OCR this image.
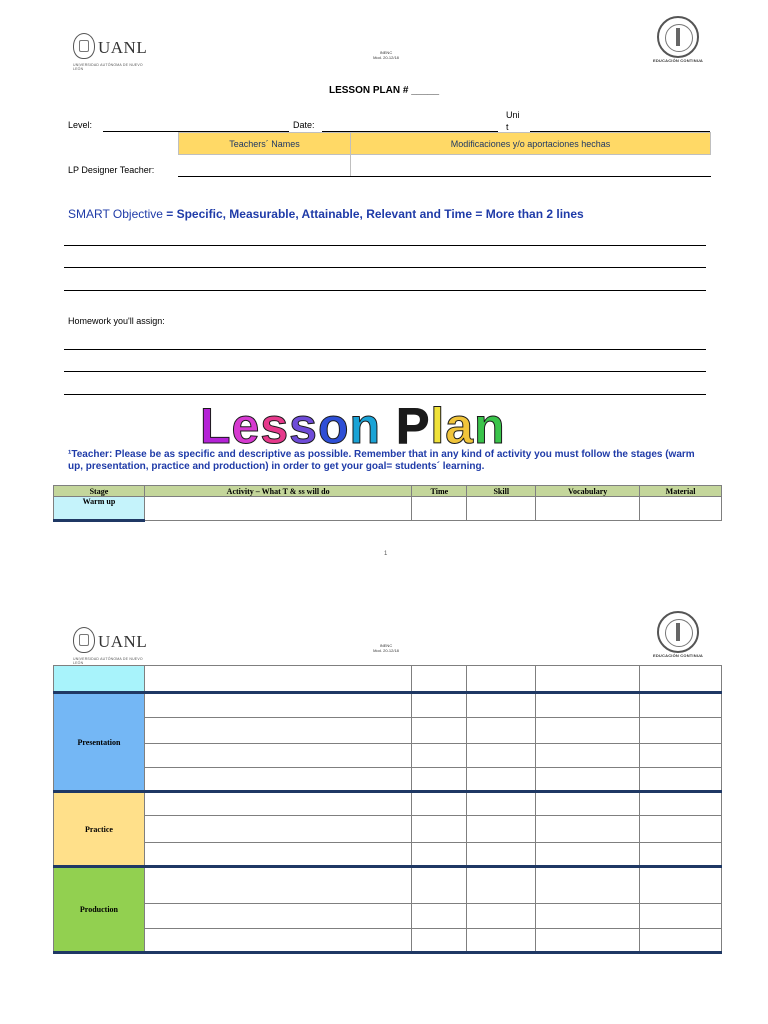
UANL
UNIVERSIDAD AUTÓNOMA DE NUEVO LEÓN
INENC
Mod. 20-12/18
EDUCACIÓN CONTINUA
LESSON PLAN # _____
Level:	Date:
Uni
t
Teachers´ Names	Modificaciones y/o aportaciones hechas
LP Designer Teacher:
SMART Objective = Specific, Measurable, Attainable, Relevant and Time = More than 2 lines
Homework you'll assign:
Lesson Plan
¹Teacher: Please be as specific and descriptive as possible. Remember that in any kind of activity you must follow the stages (warm up, presentation, practice and production) in order to get your goal= students´ learning.
Stage	Activity – What T & ss will do	Time	Skill	Vocabulary	Material
Warm up					
1
UANL
UNIVERSIDAD AUTÓNOMA DE NUEVO LEÓN
INENC
Mod. 20-12/18
EDUCACIÓN CONTINUA

Presentation					

Practice					

Production					
